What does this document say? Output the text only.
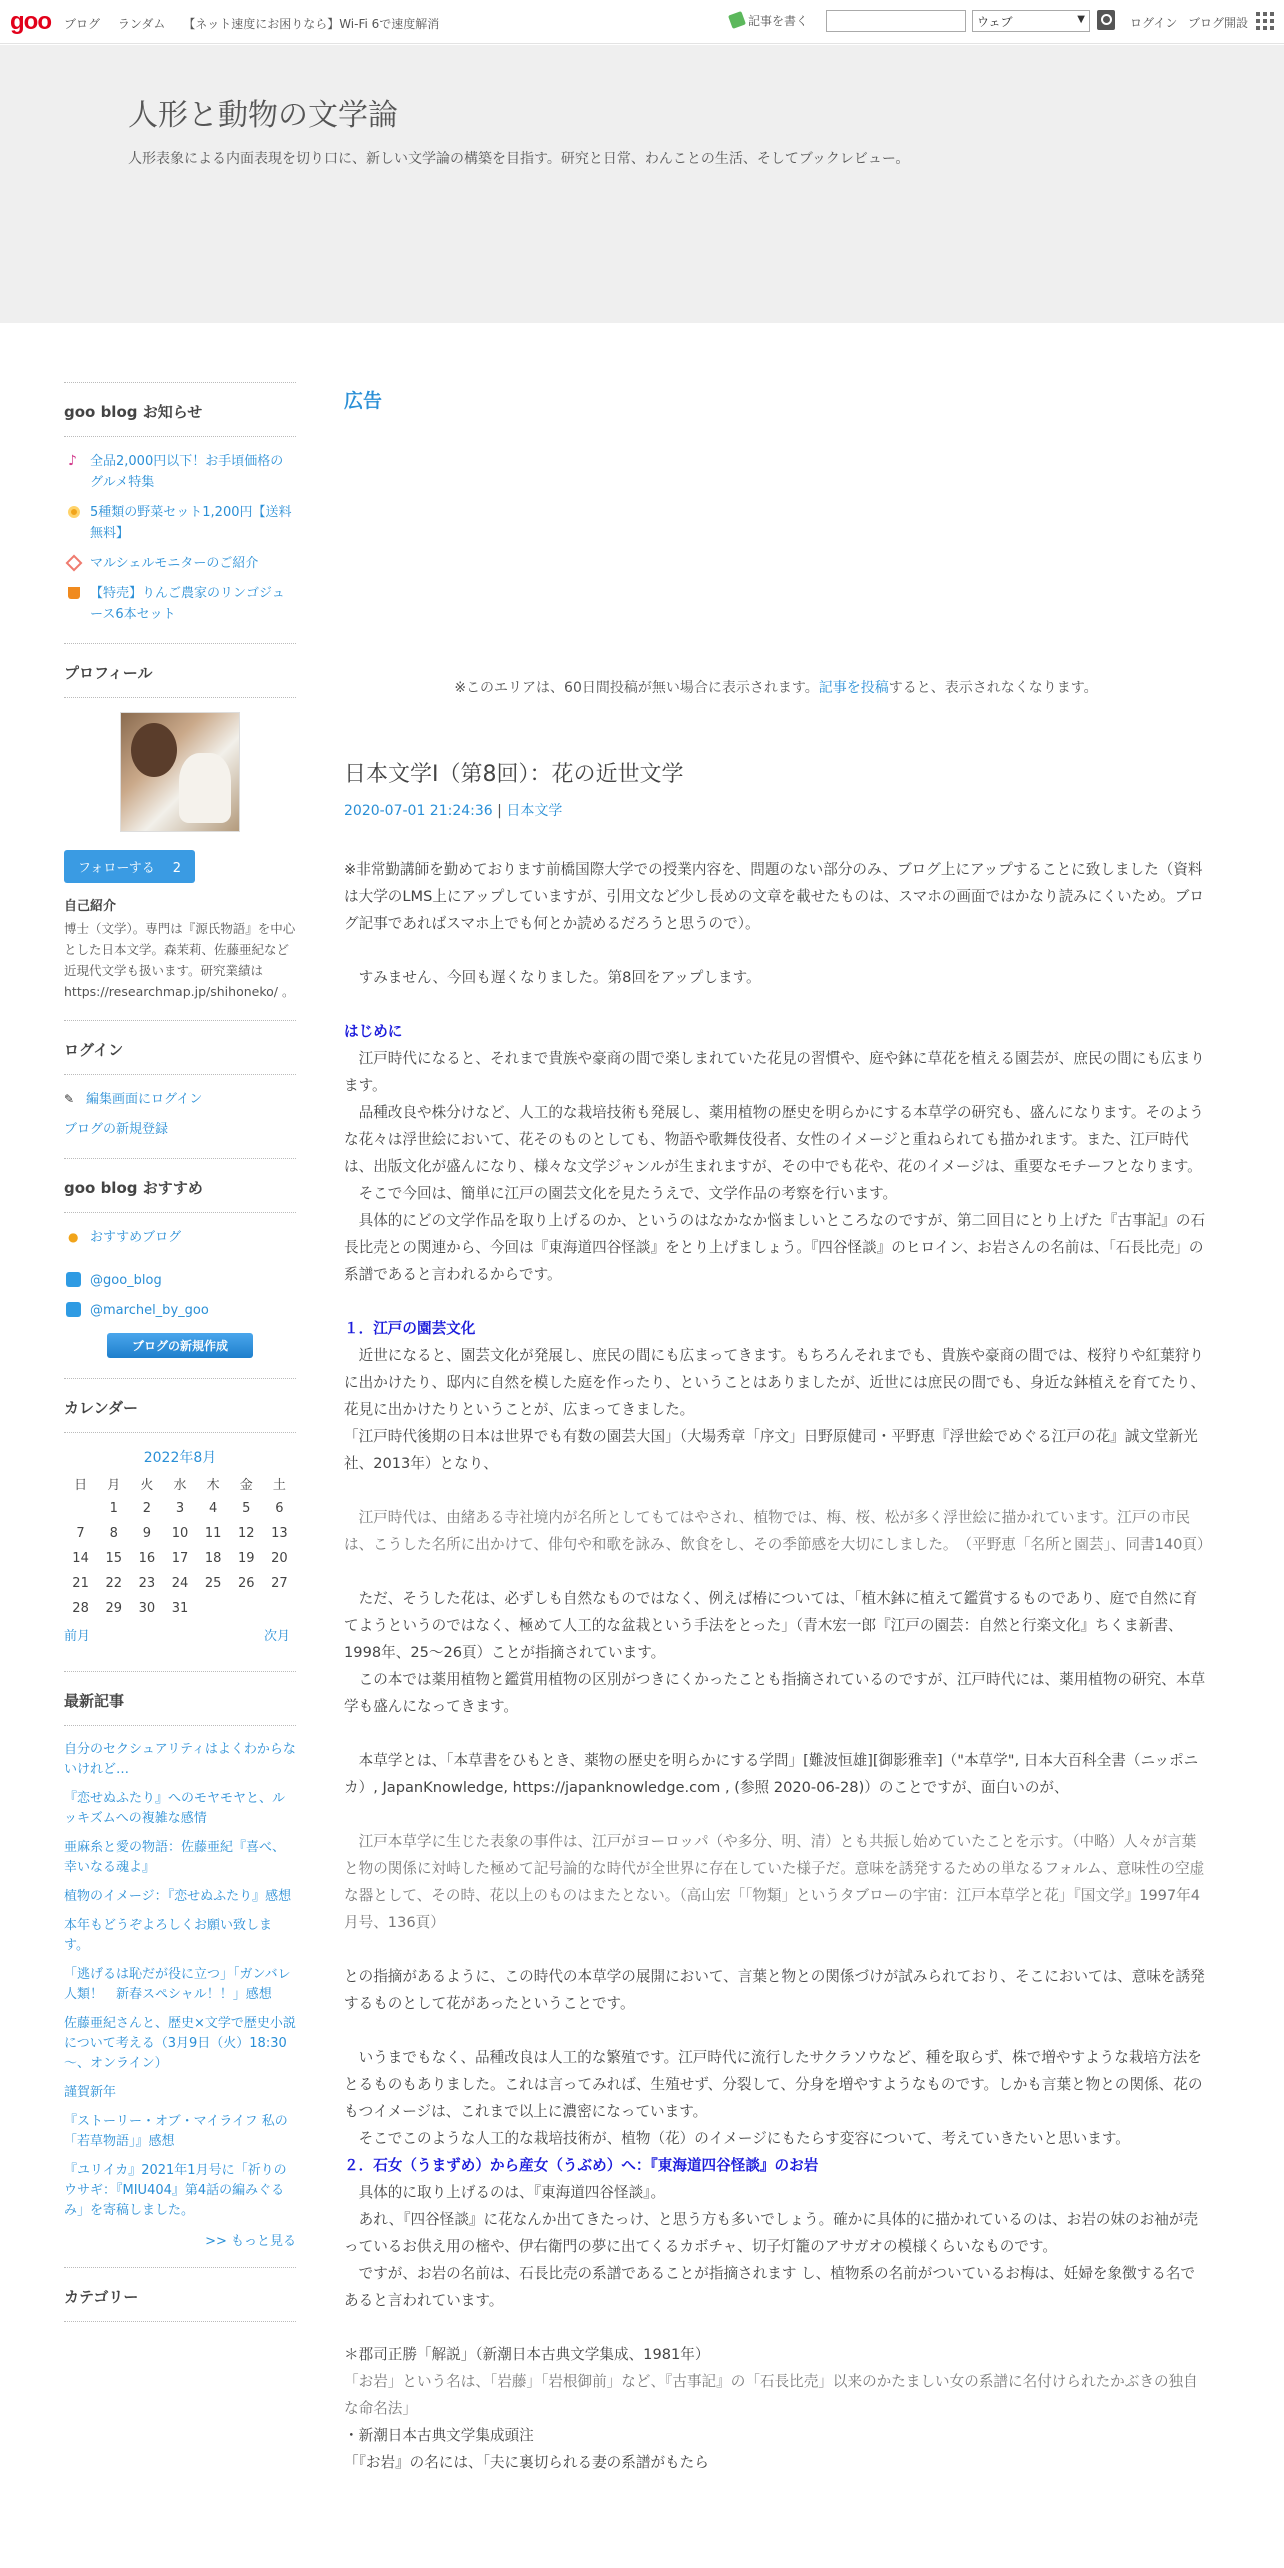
goo ブログ ランダム 【ネット速度にお困りなら】Wi-Fi 6で速度解消	記事を書く	ウェブ	▼	ログイン ブログ開設
人形と動物の文学論
人形表象による内面表現を切り口に、新しい文学論の構築を目指す。研究と日常、わんことの生活、そしてブックレビュー。
goo blog お知らせ
♪ 全品2,000円以下！お手頃価格のグルメ特集
5種類の野菜セット1,200円【送料無料】
マルシェルモニターのご紹介
【特売】りんご農家のリンゴジュース6本セット
プロフィール
フォローする 2
自己紹介
博士（文学）。専門は『源氏物語』を中心とした日本文学。森茉莉、佐藤亜紀など近現代文学も扱います。研究業績は https://researchmap.jp/shihoneko/ 。
ログイン
✎ 編集画面にログイン
ブログの新規登録
goo blog おすすめ
● おすすめブログ
@goo_blog
@marchel_by_goo
ブログの新規作成
カレンダー
2022年8月
日	月	火	水	木	金	土
	1	2	3	4	5	6
7	8	9	10	11	12	13
14	15	16	17	18	19	20
21	22	23	24	25	26	27
28	29	30	31			
前月	次月
最新記事
自分のセクシュアリティはよくわからないけれど…
『恋せぬふたり』へのモヤモヤと、ルッキズムへの複雑な感情
亜麻糸と愛の物語：佐藤亜紀『喜べ、幸いなる魂よ』
植物のイメージ：『恋せぬふたり』感想
本年もどうぞよろしくお願い致します。
「逃げるは恥だが役に立つ」「ガンバレ人類！　新春スペシャル！！」感想
佐藤亜紀さんと、歴史×文学で歴史小説について考える（3月9日（火）18:30～、オンライン）
謹賀新年
『ストーリー・オブ・マイライフ 私の「若草物語」』感想
『ユリイカ』2021年1月号に「祈りのウサギ：『MIU404』第4話の編みぐるみ」を寄稿しました。
>> もっと見る
カテゴリー
広告
※このエリアは、60日間投稿が無い場合に表示されます。記事を投稿すると、表示されなくなります。
日本文学Ⅰ（第8回）：花の近世文学
2020-07-01 21:24:36 | 日本文学

※非常勤講師を勤めております前橋国際大学での授業内容を、問題のない部分のみ、ブログ上にアップすることに致しました（資料は大学のLMS上にアップしていますが、引用文など少し長めの文章を載せたものは、スマホの画面ではかなり読みにくいため。ブログ記事であればスマホ上でも何とか読めるだろうと思うので）。

　すみません、今回も遅くなりました。第8回をアップします。

はじめに

　江戸時代になると、それまで貴族や豪商の間で楽しまれていた花見の習慣や、庭や鉢に草花を植える園芸が、庶民の間にも広まります。

　品種改良や株分けなど、人工的な栽培技術も発展し、薬用植物の歴史を明らかにする本草学の研究も、盛んになります。そのような花々は浮世絵において、花そのものとしても、物語や歌舞伎役者、女性のイメージと重ねられても描かれます。また、江戸時代は、出版文化が盛んになり、様々な文学ジャンルが生まれますが、その中でも花や、花のイメージは、重要なモチーフとなります。

　そこで今回は、簡単に江戸の園芸文化を見たうえで、文学作品の考察を行います。

　具体的にどの文学作品を取り上げるのか、というのはなかなか悩ましいところなのですが、第二回目にとり上げた『古事記』の石長比売との関連から、今回は『東海道四谷怪談』をとり上げましょう。『四谷怪談』のヒロイン、お岩さんの名前は、「石長比売」の系譜であると言われるからです。

１．江戸の園芸文化

　近世になると、園芸文化が発展し、庶民の間にも広まってきます。もちろんそれまでも、貴族や豪商の間では、桜狩りや紅葉狩りに出かけたり、邸内に自然を模した庭を作ったり、ということはありましたが、近世には庶民の間でも、身近な鉢植えを育てたり、花見に出かけたりということが、広まってきました。

「江戸時代後期の日本は世界でも有数の園芸大国」（大場秀章「序文」日野原健司・平野恵『浮世絵でめぐる江戸の花』誠文堂新光社、2013年）となり、

　江戸時代は、由緒ある寺社境内が名所としてもてはやされ、植物では、梅、桜、松が多く浮世絵に描かれています。江戸の市民は、こうした名所に出かけて、俳句や和歌を詠み、飲食をし、その季節感を大切にしました。　（平野恵「名所と園芸」、同書140頁）

　ただ、そうした花は、必ずしも自然なものではなく、例えば椿については、「植木鉢に植えて鑑賞するものであり、庭で自然に育てようというのではなく、極めて人工的な盆栽という手法をとった」（青木宏一郎『江戸の園芸：自然と行楽文化』ちくま新書、1998年、25～26頁）ことが指摘されています。

　この本では薬用植物と鑑賞用植物の区別がつきにくかったことも指摘されているのですが、江戸時代には、薬用植物の研究、本草学も盛んになってきます。

　本草学とは、「本草書をひもとき、薬物の歴史を明らかにする学問」[難波恒雄][御影雅幸]（"本草学", 日本大百科全書（ニッポニカ）, JapanKnowledge, https://japanknowledge.com , (参照 2020-06-28)）のことですが、面白いのが、

　江戸本草学に生じた表象の事件は、江戸がヨーロッパ（や多分、明、清）とも共振し始めていたことを示す。（中略）人々が言葉と物の関係に対峙した極めて記号論的な時代が全世界に存在していた様子だ。意味を誘発するための単なるフォルム、意味性の空虚な器として、その時、花以上のものはまたとない。（高山宏「「物類」というタブローの宇宙：江戸本草学と花」『国文学』1997年4月号、136頁）

との指摘があるように、この時代の本草学の展開において、言葉と物との関係づけが試みられており、そこにおいては、意味を誘発するものとして花があったということです。

　いうまでもなく、品種改良は人工的な繁殖です。江戸時代に流行したサクラソウなど、種を取らず、株で増やすような栽培方法をとるものもありました。これは言ってみれば、生殖せず、分裂して、分身を増やすようなものです。しかも言葉と物との関係、花のもつイメージは、これまで以上に濃密になっています。

　そこでこのような人工的な栽培技術が、植物（花）のイメージにもたらす変容について、考えていきたいと思います。

２．石女（うまずめ）から産女（うぶめ）へ：『東海道四谷怪談』のお岩

　具体的に取り上げるのは、『東海道四谷怪談』。

　あれ、『四谷怪談』に花なんか出てきたっけ、と思う方も多いでしょう。確かに具体的に描かれているのは、お岩の妹のお袖が売っているお供え用の樒や、伊右衛門の夢に出てくるカボチャ、切子灯籠のアサガオの模様くらいなものです。

　ですが、お岩の名前は、石長比売の系譜であることが指摘されます し、植物系の名前がついているお梅は、妊婦を象徴する名であると言われています。

＊郡司正勝「解説」（新潮日本古典文学集成、1981年）

「お岩」という名は、「岩藤」「岩根御前」など、『古事記』の「石長比売」以来のかたましい女の系譜に名付けられたかぶきの独自な命名法」

・新潮日本古典文学集成頭注

「『お岩』の名には、「夫に裏切られる妻の系譜がもたら
